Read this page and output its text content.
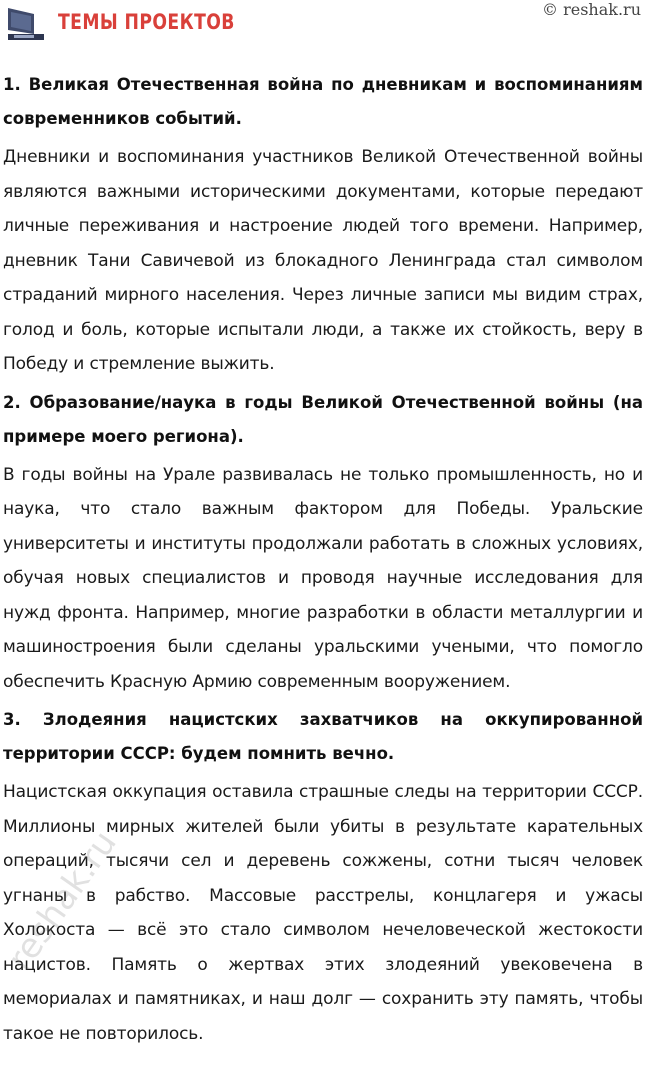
ТЕМЫ ПРОЕКТОВ
© reshak.ru

1. Великая Отечественная война по дневникам и воспоминаниям современников событий.

Дневники и воспоминания участников Великой Отечественной войны являются важными историческими документами, которые передают личные переживания и настроение людей того времени. Например, дневник Тани Савичевой из блокадного Ленинграда стал символом страданий мирного населения. Через личные записи мы видим страх, голод и боль, которые испытали люди, а также их стойкость, веру в Победу и стремление выжить.

2. Образование/наука в годы Великой Отечественной войны (на примере моего региона).

В годы войны на Урале развивалась не только промышленность, но и наука, что стало важным фактором для Победы. Уральские университеты и институты продолжали работать в сложных условиях, обучая новых специалистов и проводя научные исследования для нужд фронта. Например, многие разработки в области металлургии и машиностроения были сделаны уральскими учеными, что помогло обеспечить Красную Армию современным вооружением.

3. Злодеяния нацистских захватчиков на оккупированной территории СССР: будем помнить вечно.

Нацистская оккупация оставила страшные следы на территории СССР. Миллионы мирных жителей были убиты в результате карательных операций, тысячи сел и деревень сожжены, сотни тысяч человек угнаны в рабство. Массовые расстрелы, концлагеря и ужасы Холокоста — всё это стало символом нечеловеческой жестокости нацистов. Память о жертвах этих злодеяний увековечена в мемориалах и памятниках, и наш долг — сохранить эту память, чтобы такое не повторилось.

reshak.ru
